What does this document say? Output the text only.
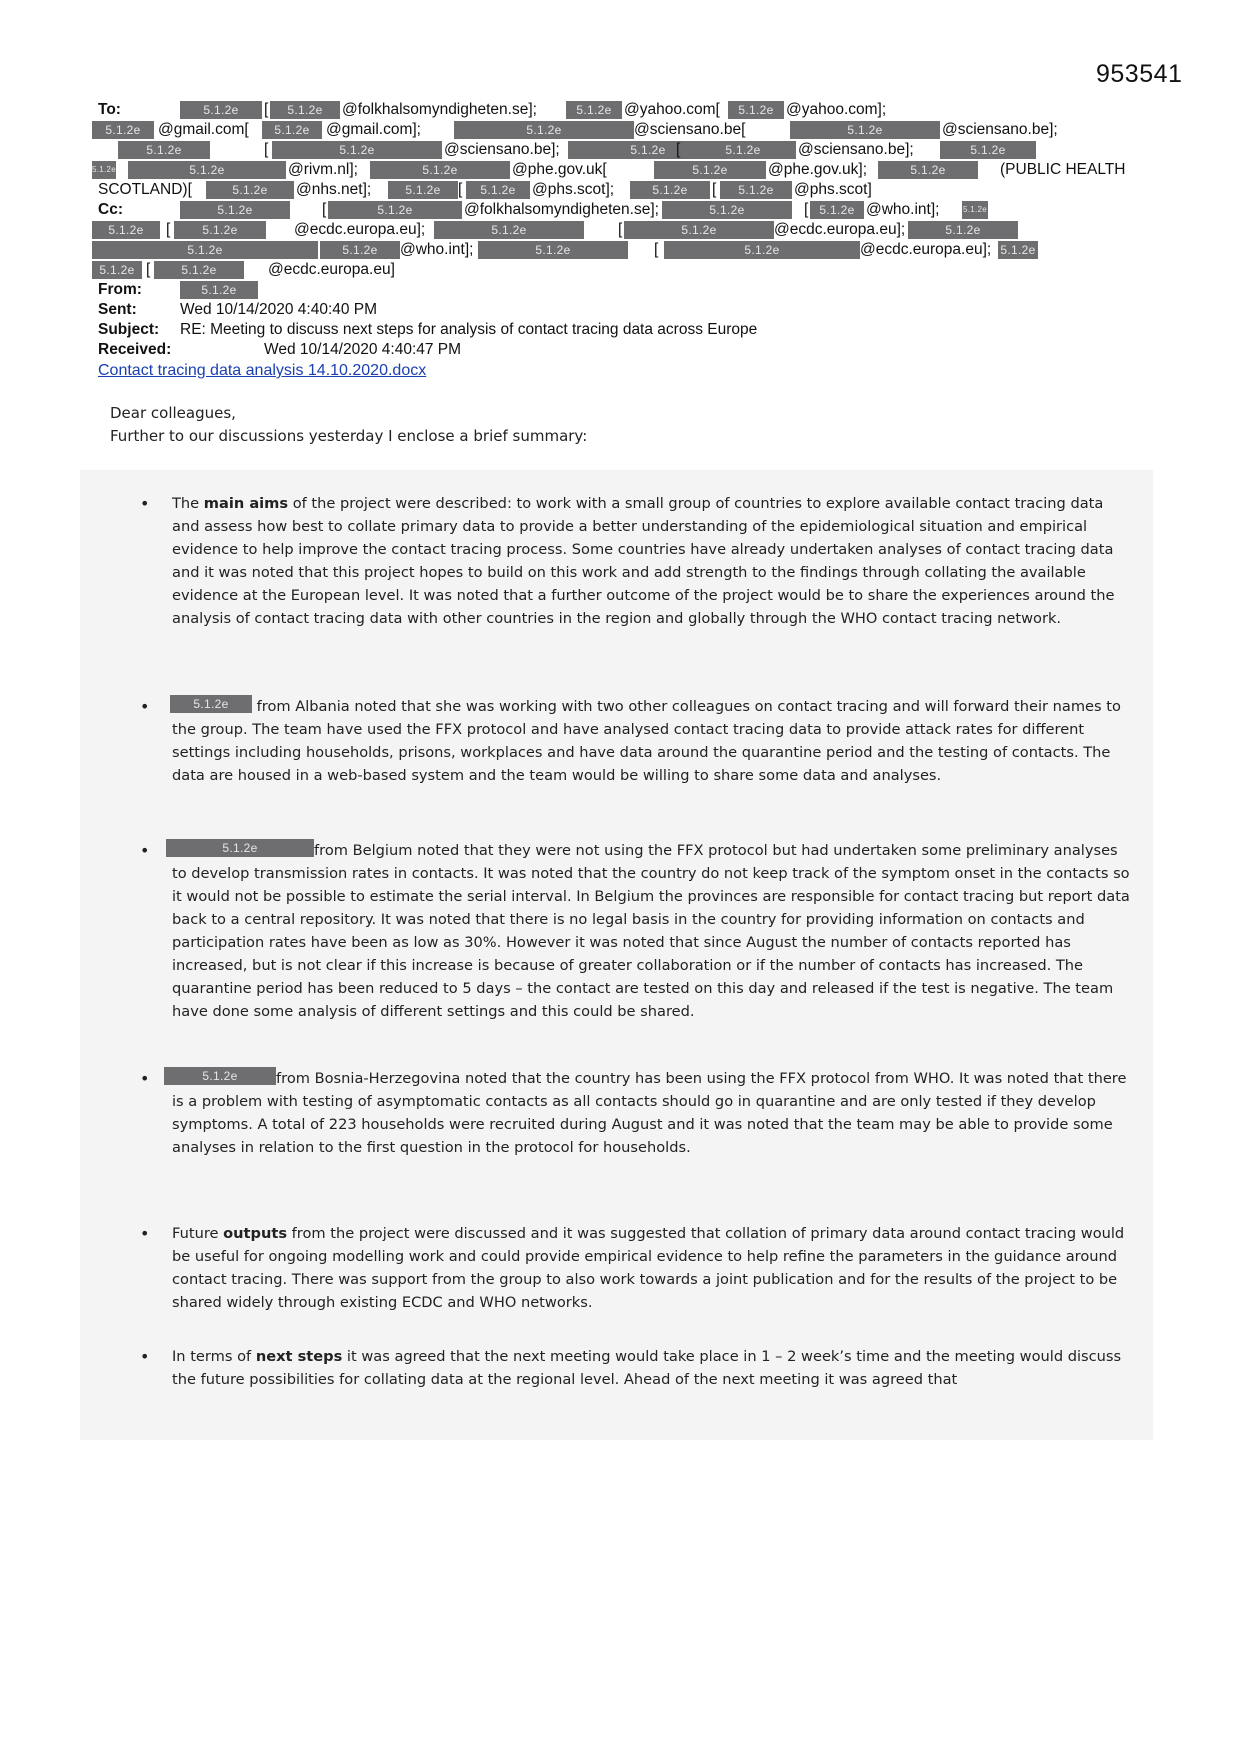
953541
To:	5.1.2e	[	5.1.2e	@folkhalsomyndigheten.se];	5.1.2e @yahoo.com[	5.1.2e @yahoo.com];
5.1.2e	@gmail.com[	5.1.2e	@gmail.com];	5.1.2e	@sciensano.be[	5.1.2e	@sciensano.be];
5.1.2e	[	5.1.2e	@sciensano.be];	5.1.2e [	5.1.2e	@sciensano.be];	5.1.2e
5.1.2e	5.1.2e	@rivm.nl];	5.1.2e	@phe.gov.uk[	5.1.2e	@phe.gov.uk];	5.1.2e	(PUBLIC HEALTH
SCOTLAND)[	5.1.2e	@nhs.net];	5.1.2e	[	5.1.2e	@phs.scot];	5.1.2e	[	5.1.2e	@phs.scot]
Cc:	5.1.2e	[	5.1.2e	@folkhalsomyndigheten.se];	5.1.2e	[ 5.1.2e @who.int];	5.1.2e
5.1.2e	[	5.1.2e	@ecdc.europa.eu];	5.1.2e	[	5.1.2e	@ecdc.europa.eu];	5.1.2e
5.1.2e	5.1.2e	@who.int];	5.1.2e	[	5.1.2e	@ecdc.europa.eu]; 5.1.2e
5.1.2e [	5.1.2e	@ecdc.europa.eu]
From:	5.1.2e
Sent:	Wed 10/14/2020 4:40:40 PM
Subject: RE: Meeting to discuss next steps for analysis of contact tracing data across Europe
Received:	Wed 10/14/2020 4:40:47 PM
Contact tracing data analysis 14.10.2020.docx
Dear colleagues,
Further to our discussions yesterday I enclose a brief summary:
• The main aims of the project were described: to work with a small group of countries to explore available contact tracing data and assess how best to collate primary data to provide a better understanding of the epidemiological situation and empirical evidence to help improve the contact tracing process. Some countries have already undertaken analyses of contact tracing data and it was noted that this project hopes to build on this work and add strength to the findings through collating the available evidence at the European level. It was noted that a further outcome of the project would be to share the experiences around the analysis of contact tracing data with other countries in the region and globally through the WHO contact tracing network.
•	5.1.2e from Albania noted that she was working with two other colleagues on contact tracing and will forward their names to the group. The team have used the FFX protocol and have analysed contact tracing data to provide attack rates for different settings including households, prisons, workplaces and have data around the quarantine period and the testing of contacts. The data are housed in a web-based system and the team would be willing to share some data and analyses.
•	5.1.2e	from Belgium noted that they were not using the FFX protocol but had undertaken some preliminary analyses to develop transmission rates in contacts. It was noted that the country do not keep track of the symptom onset in the contacts so it would not be possible to estimate the serial interval. In Belgium the provinces are responsible for contact tracing but report data back to a central repository. It was noted that there is no legal basis in the country for providing information on contacts and participation rates have been as low as 30%. However it was noted that since August the number of contacts reported has increased, but is not clear if this increase is because of greater collaboration or if the number of contacts has increased. The quarantine period has been reduced to 5 days – the contact are tested on this day and released if the test is negative. The team have done some analysis of different settings and this could be shared.
•	5.1.2e	from Bosnia-Herzegovina noted that the country has been using the FFX protocol from WHO. It was noted that there is a problem with testing of asymptomatic contacts as all contacts should go in quarantine and are only tested if they develop symptoms. A total of 223 households were recruited during August and it was noted that the team may be able to provide some analyses in relation to the first question in the protocol for households.
• Future outputs from the project were discussed and it was suggested that collation of primary data around contact tracing would be useful for ongoing modelling work and could provide empirical evidence to help refine the parameters in the guidance around contact tracing. There was support from the group to also work towards a joint publication and for the results of the project to be shared widely through existing ECDC and WHO networks.
• In terms of next steps it was agreed that the next meeting would take place in 1 – 2 week’s time and the meeting would discuss the future possibilities for collating data at the regional level. Ahead of the next meeting it was agreed that
